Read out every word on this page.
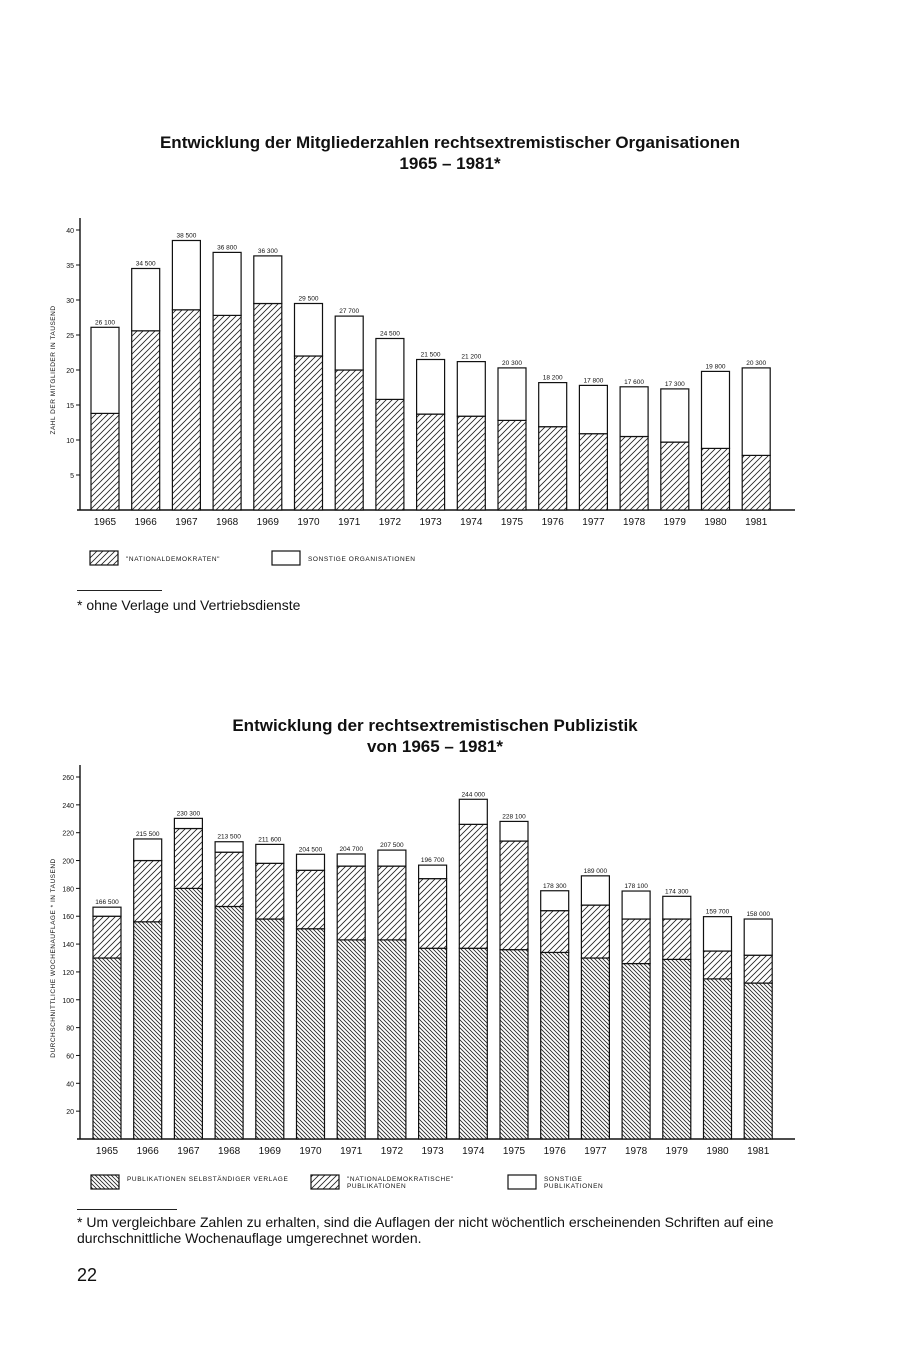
Entwicklung der Mitgliederzahlen rechtsextremistischer Organisationen
1965 – 1981*
5
10
15
20
25
30
35
40
ZAHL DER MITGLIEDER IN TAUSEND	26 100
1965
34 500
1966
38 500
1967
36 800
1968
36 300
1969
29 500
1970
27 700
1971
24 500
1972
21 500
1973
21 200
1974
20 300
1975
18 200
1976
17 800
1977
17 600
1978
17 300
1979
19 800
1980
20 300
1981
"NATIONALDEMOKRATEN"	SONSTIGE ORGANISATIONEN
* ohne Verlage und Vertriebsdienste
Entwicklung der rechtsextremistischen Publizistik
von 1965 – 1981*
20
40
60
80
100
120
140
160
180
200
220
240
260
DURCHSCHNITTLICHE WOCHENAUFLAGE * IN TAUSEND	166 500
1965
215 500
1966
230 300
1967
213 500
1968
211 600
1969
204 500
1970
204 700
1971
207 500
1972
196 700
1973
244 000
1974
228 100
1975
178 300
1976
189 000
1977
178 100
1978
174 300
1979
159 700
1980
158 000
1981
PUBLIKATIONEN SELBSTÄNDIGER VERLAGE	"NATIONALDEMOKRATISCHE" PUBLIKATIONEN
SONSTIGE PUBLIKATIONEN
* Um vergleichbare Zahlen zu erhalten, sind die Auflagen der nicht wöchentlich erscheinenden Schriften auf eine durchschnittliche Wochenauflage umgerechnet worden.
22
